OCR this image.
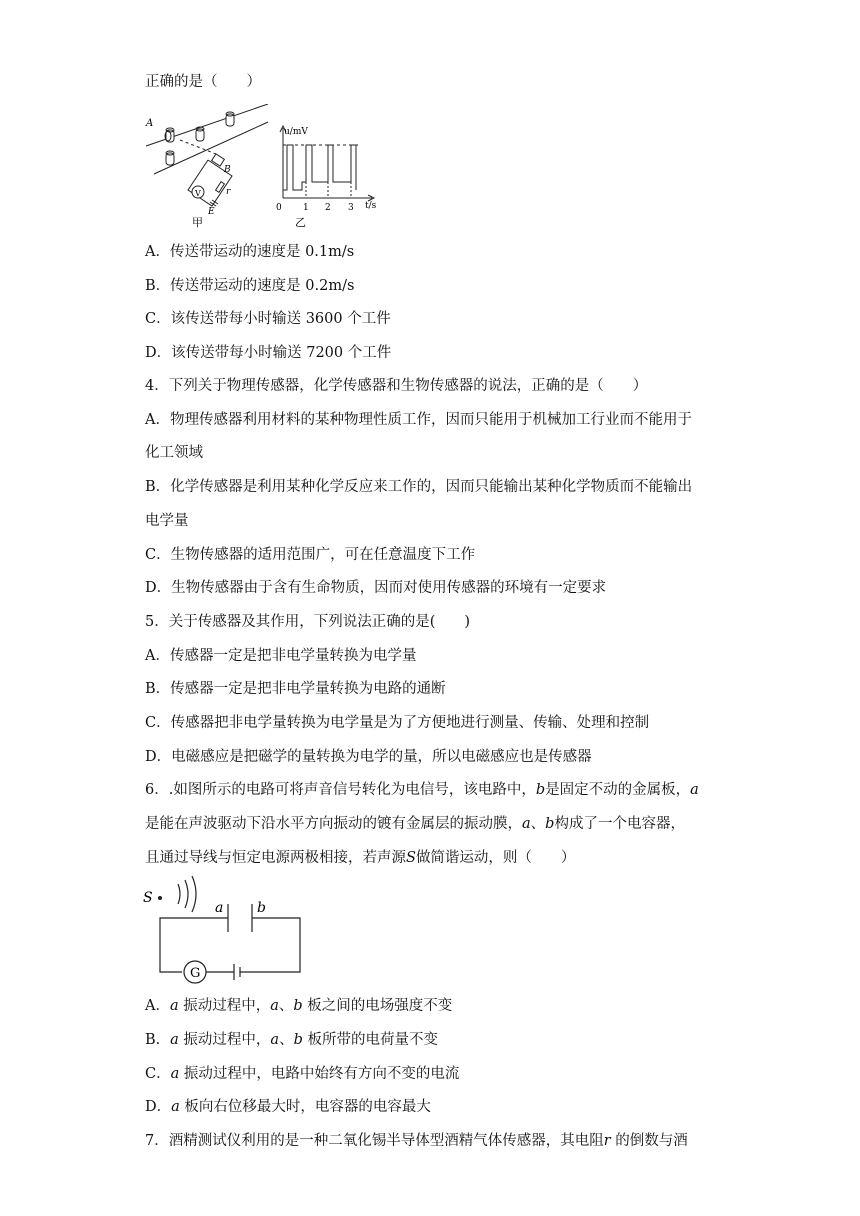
正确的是（　　）
A
B
V	r
E
甲
u/mV
t/s
0 1 2 3
乙
A．传送带运动的速度是 0.1m/s
B．传送带运动的速度是 0.2m/s
C．该传送带每小时输送 3600 个工件
D．该传送带每小时输送 7200 个工件
4．下列关于物理传感器，化学传感器和生物传感器的说法，正确的是（　　）
A．物理传感器利用材料的某种物理性质工作，因而只能用于机械加工行业而不能用于
化工领域
B．化学传感器是利用某种化学反应来工作的，因而只能输出某种化学物质而不能输出
电学量
C．生物传感器的适用范围广，可在任意温度下工作
D．生物传感器由于含有生命物质，因而对使用传感器的环境有一定要求
5．关于传感器及其作用，下列说法正确的是(　　)
A．传感器一定是把非电学量转换为电学量
B．传感器一定是把非电学量转换为电路的通断
C．传感器把非电学量转换为电学量是为了方便地进行测量、传输、处理和控制
D．电磁感应是把磁学的量转换为电学的量，所以电磁感应也是传感器
6．.如图所示的电路可将声音信号转化为电信号，该电路中，b是固定不动的金属板，a
是能在声波驱动下沿水平方向振动的镀有金属层的振动膜，a、b构成了一个电容器，
且通过导线与恒定电源两极相接，若声源S做简谐运动，则（　　）
S
a b
G
A．a 振动过程中，a、b 板之间的电场强度不变
B．a 振动过程中，a、b 板所带的电荷量不变
C．a 振动过程中，电路中始终有方向不变的电流
D．a 板向右位移最大时，电容器的电容最大
7．酒精测试仪利用的是一种二氧化锡半导体型酒精气体传感器，其电阻r 的倒数与酒
